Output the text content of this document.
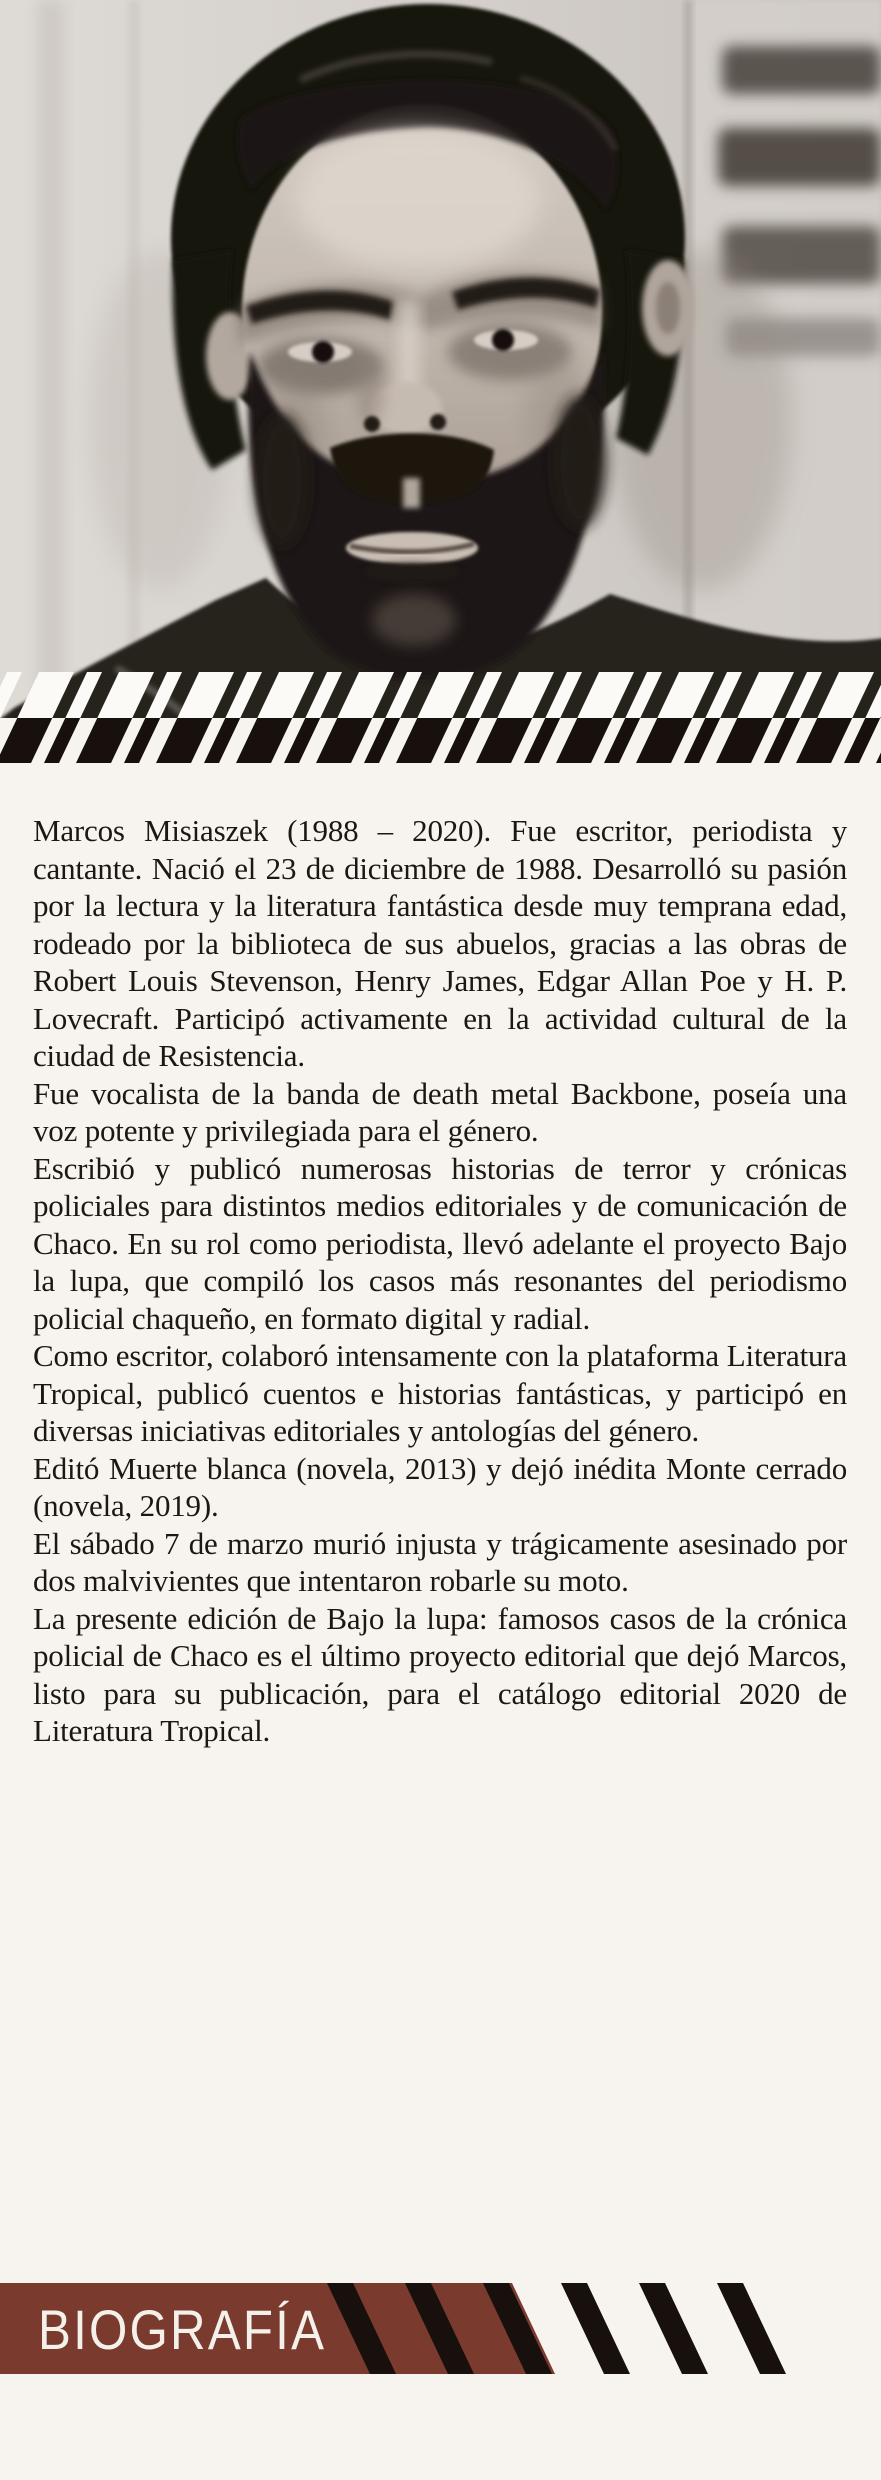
Marcos Misiaszek (1988 – 2020). Fue escritor, periodista y cantante. Nació el 23 de diciembre de 1988. Desarrolló su pasión por la lectura y la literatura fantástica desde muy temprana edad, rodeado por la biblioteca de sus abuelos, gracias a las obras de Robert Louis Stevenson, Henry James, Edgar Allan Poe y H. P. Lovecraft. Participó activamente en la actividad cultural de la ciudad de Resistencia.

Fue vocalista de la banda de death metal Backbone, poseía una voz potente y privilegiada para el género.

Escribió y publicó numerosas historias de terror y crónicas policiales para distintos medios editoriales y de comunicación de Chaco. En su rol como periodista, llevó adelante el proyecto Bajo la lupa, que compiló los casos más resonantes del periodismo policial chaqueño, en formato digital y radial.

Como escritor, colaboró intensamente con la plataforma Literatura Tropical, publicó cuentos e historias fantásticas, y participó en diversas iniciativas editoriales y antologías del género.

Editó Muerte blanca (novela, 2013) y dejó inédita Monte cerrado (novela, 2019).

El sábado 7 de marzo murió injusta y trágicamente asesinado por dos malvivientes que intentaron robarle su moto.

La presente edición de Bajo la lupa: famosos casos de la crónica policial de Chaco es el último proyecto editorial que dejó Marcos, listo para su publicación, para el catálogo editorial 2020 de Literatura Tropical.

BIOGRAFÍA
